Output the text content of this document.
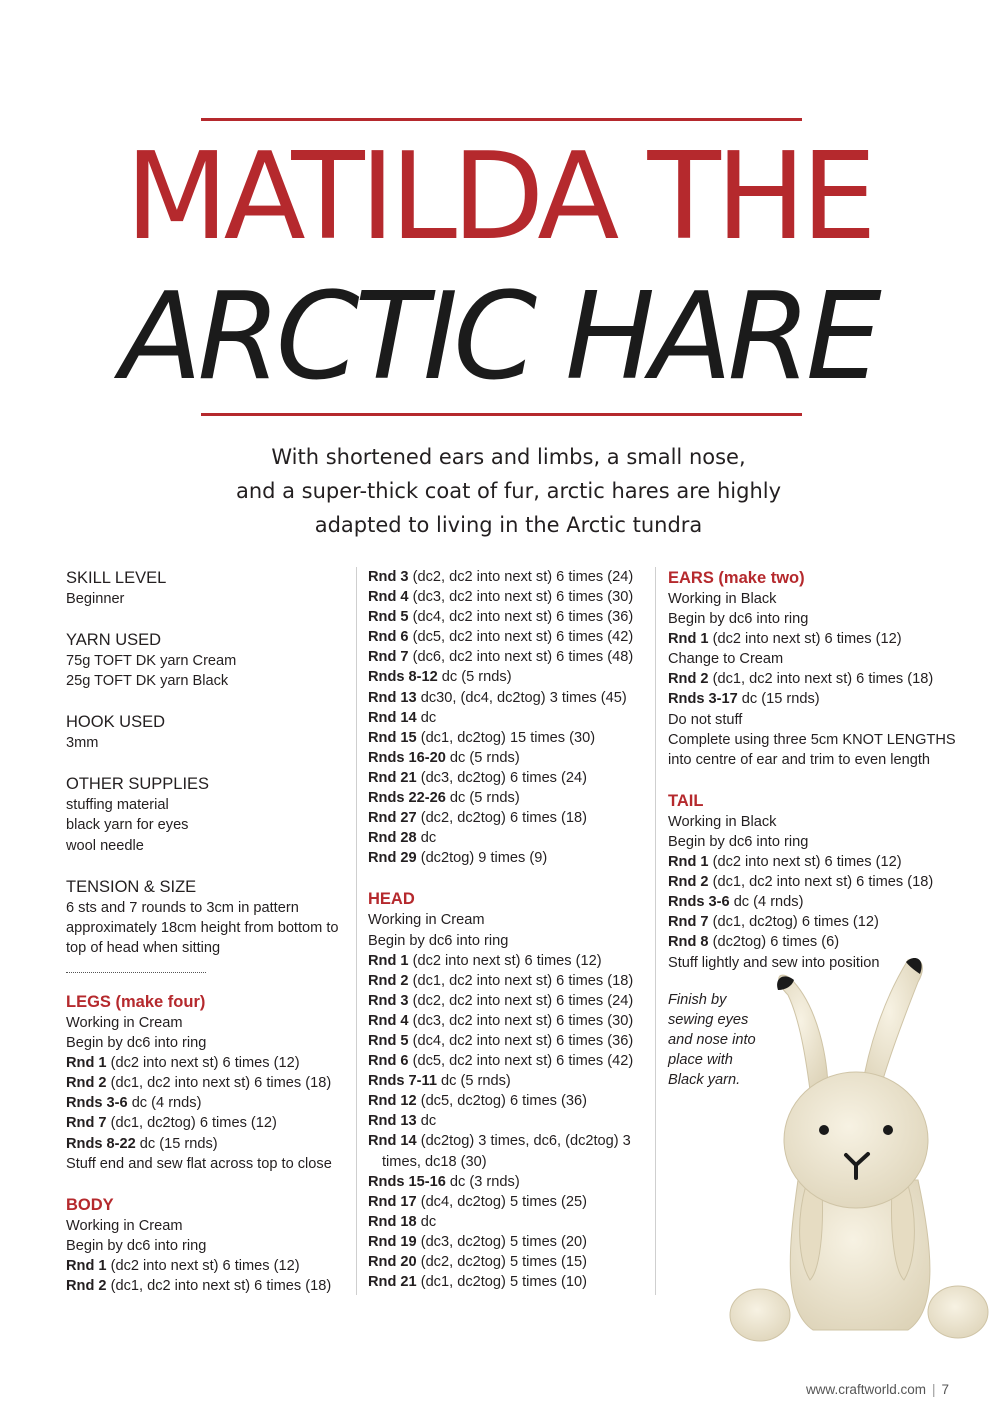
MATILDA THE
ARCTIC HARE
With shortened ears and limbs, a small nose,
and a super-thick coat of fur, arctic hares are highly
adapted to living in the Arctic tundra
SKILL LEVEL
Beginner
YARN USED
75g TOFT DK yarn Cream
25g TOFT DK yarn Black
HOOK USED
3mm
OTHER SUPPLIES
stuffing material
black yarn for eyes
wool needle
TENSION & SIZE
6 sts and 7 rounds to 3cm in pattern
approximately 18cm height from bottom to
top of head when sitting
LEGS (make four)
Working in Cream
Begin by dc6 into ring
Rnd 1 (dc2 into next st) 6 times (12)
Rnd 2 (dc1, dc2 into next st) 6 times (18)
Rnds 3-6 dc (4 rnds)
Rnd 7 (dc1, dc2tog) 6 times (12)
Rnds 8-22 dc (15 rnds)
Stuff end and sew flat across top to close
BODY
Working in Cream
Begin by dc6 into ring
Rnd 1 (dc2 into next st) 6 times (12)
Rnd 2 (dc1, dc2 into next st) 6 times (18)
Rnd 3 (dc2, dc2 into next st) 6 times (24)
Rnd 4 (dc3, dc2 into next st) 6 times (30)
Rnd 5 (dc4, dc2 into next st) 6 times (36)
Rnd 6 (dc5, dc2 into next st) 6 times (42)
Rnd 7 (dc6, dc2 into next st) 6 times (48)
Rnds 8-12 dc (5 rnds)
Rnd 13 dc30, (dc4, dc2tog) 3 times (45)
Rnd 14 dc
Rnd 15 (dc1, dc2tog) 15 times (30)
Rnds 16-20 dc (5 rnds)
Rnd 21 (dc3, dc2tog) 6 times (24)
Rnds 22-26 dc (5 rnds)
Rnd 27 (dc2, dc2tog) 6 times (18)
Rnd 28 dc
Rnd 29 (dc2tog) 9 times (9)
HEAD
Working in Cream
Begin by dc6 into ring
Rnd 1 (dc2 into next st) 6 times (12)
Rnd 2 (dc1, dc2 into next st) 6 times (18)
Rnd 3 (dc2, dc2 into next st) 6 times (24)
Rnd 4 (dc3, dc2 into next st) 6 times (30)
Rnd 5 (dc4, dc2 into next st) 6 times (36)
Rnd 6 (dc5, dc2 into next st) 6 times (42)
Rnds 7-11 dc (5 rnds)
Rnd 12 (dc5, dc2tog) 6 times (36)
Rnd 13 dc
Rnd 14 (dc2tog) 3 times, dc6, (dc2tog) 3 times, dc18 (30)
Rnds 15-16 dc (3 rnds)
Rnd 17 (dc4, dc2tog) 5 times (25)
Rnd 18 dc
Rnd 19 (dc3, dc2tog) 5 times (20)
Rnd 20 (dc2, dc2tog) 5 times (15)
Rnd 21 (dc1, dc2tog) 5 times (10)
EARS (make two)
Working in Black
Begin by dc6 into ring
Rnd 1 (dc2 into next st) 6 times (12)
Change to Cream
Rnd 2 (dc1, dc2 into next st) 6 times (18)
Rnds 3-17 dc (15 rnds)
Do not stuff
Complete using three 5cm KNOT LENGTHS
into centre of ear and trim to even length
TAIL
Working in Black
Begin by dc6 into ring
Rnd 1 (dc2 into next st) 6 times (12)
Rnd 2 (dc1, dc2 into next st) 6 times (18)
Rnds 3-6 dc (4 rnds)
Rnd 7 (dc1, dc2tog) 6 times (12)
Rnd 8 (dc2tog) 6 times (6)
Stuff lightly and sew into position
Finish by
sewing eyes
and nose into
place with
Black yarn.
www.craftworld.com | 7
